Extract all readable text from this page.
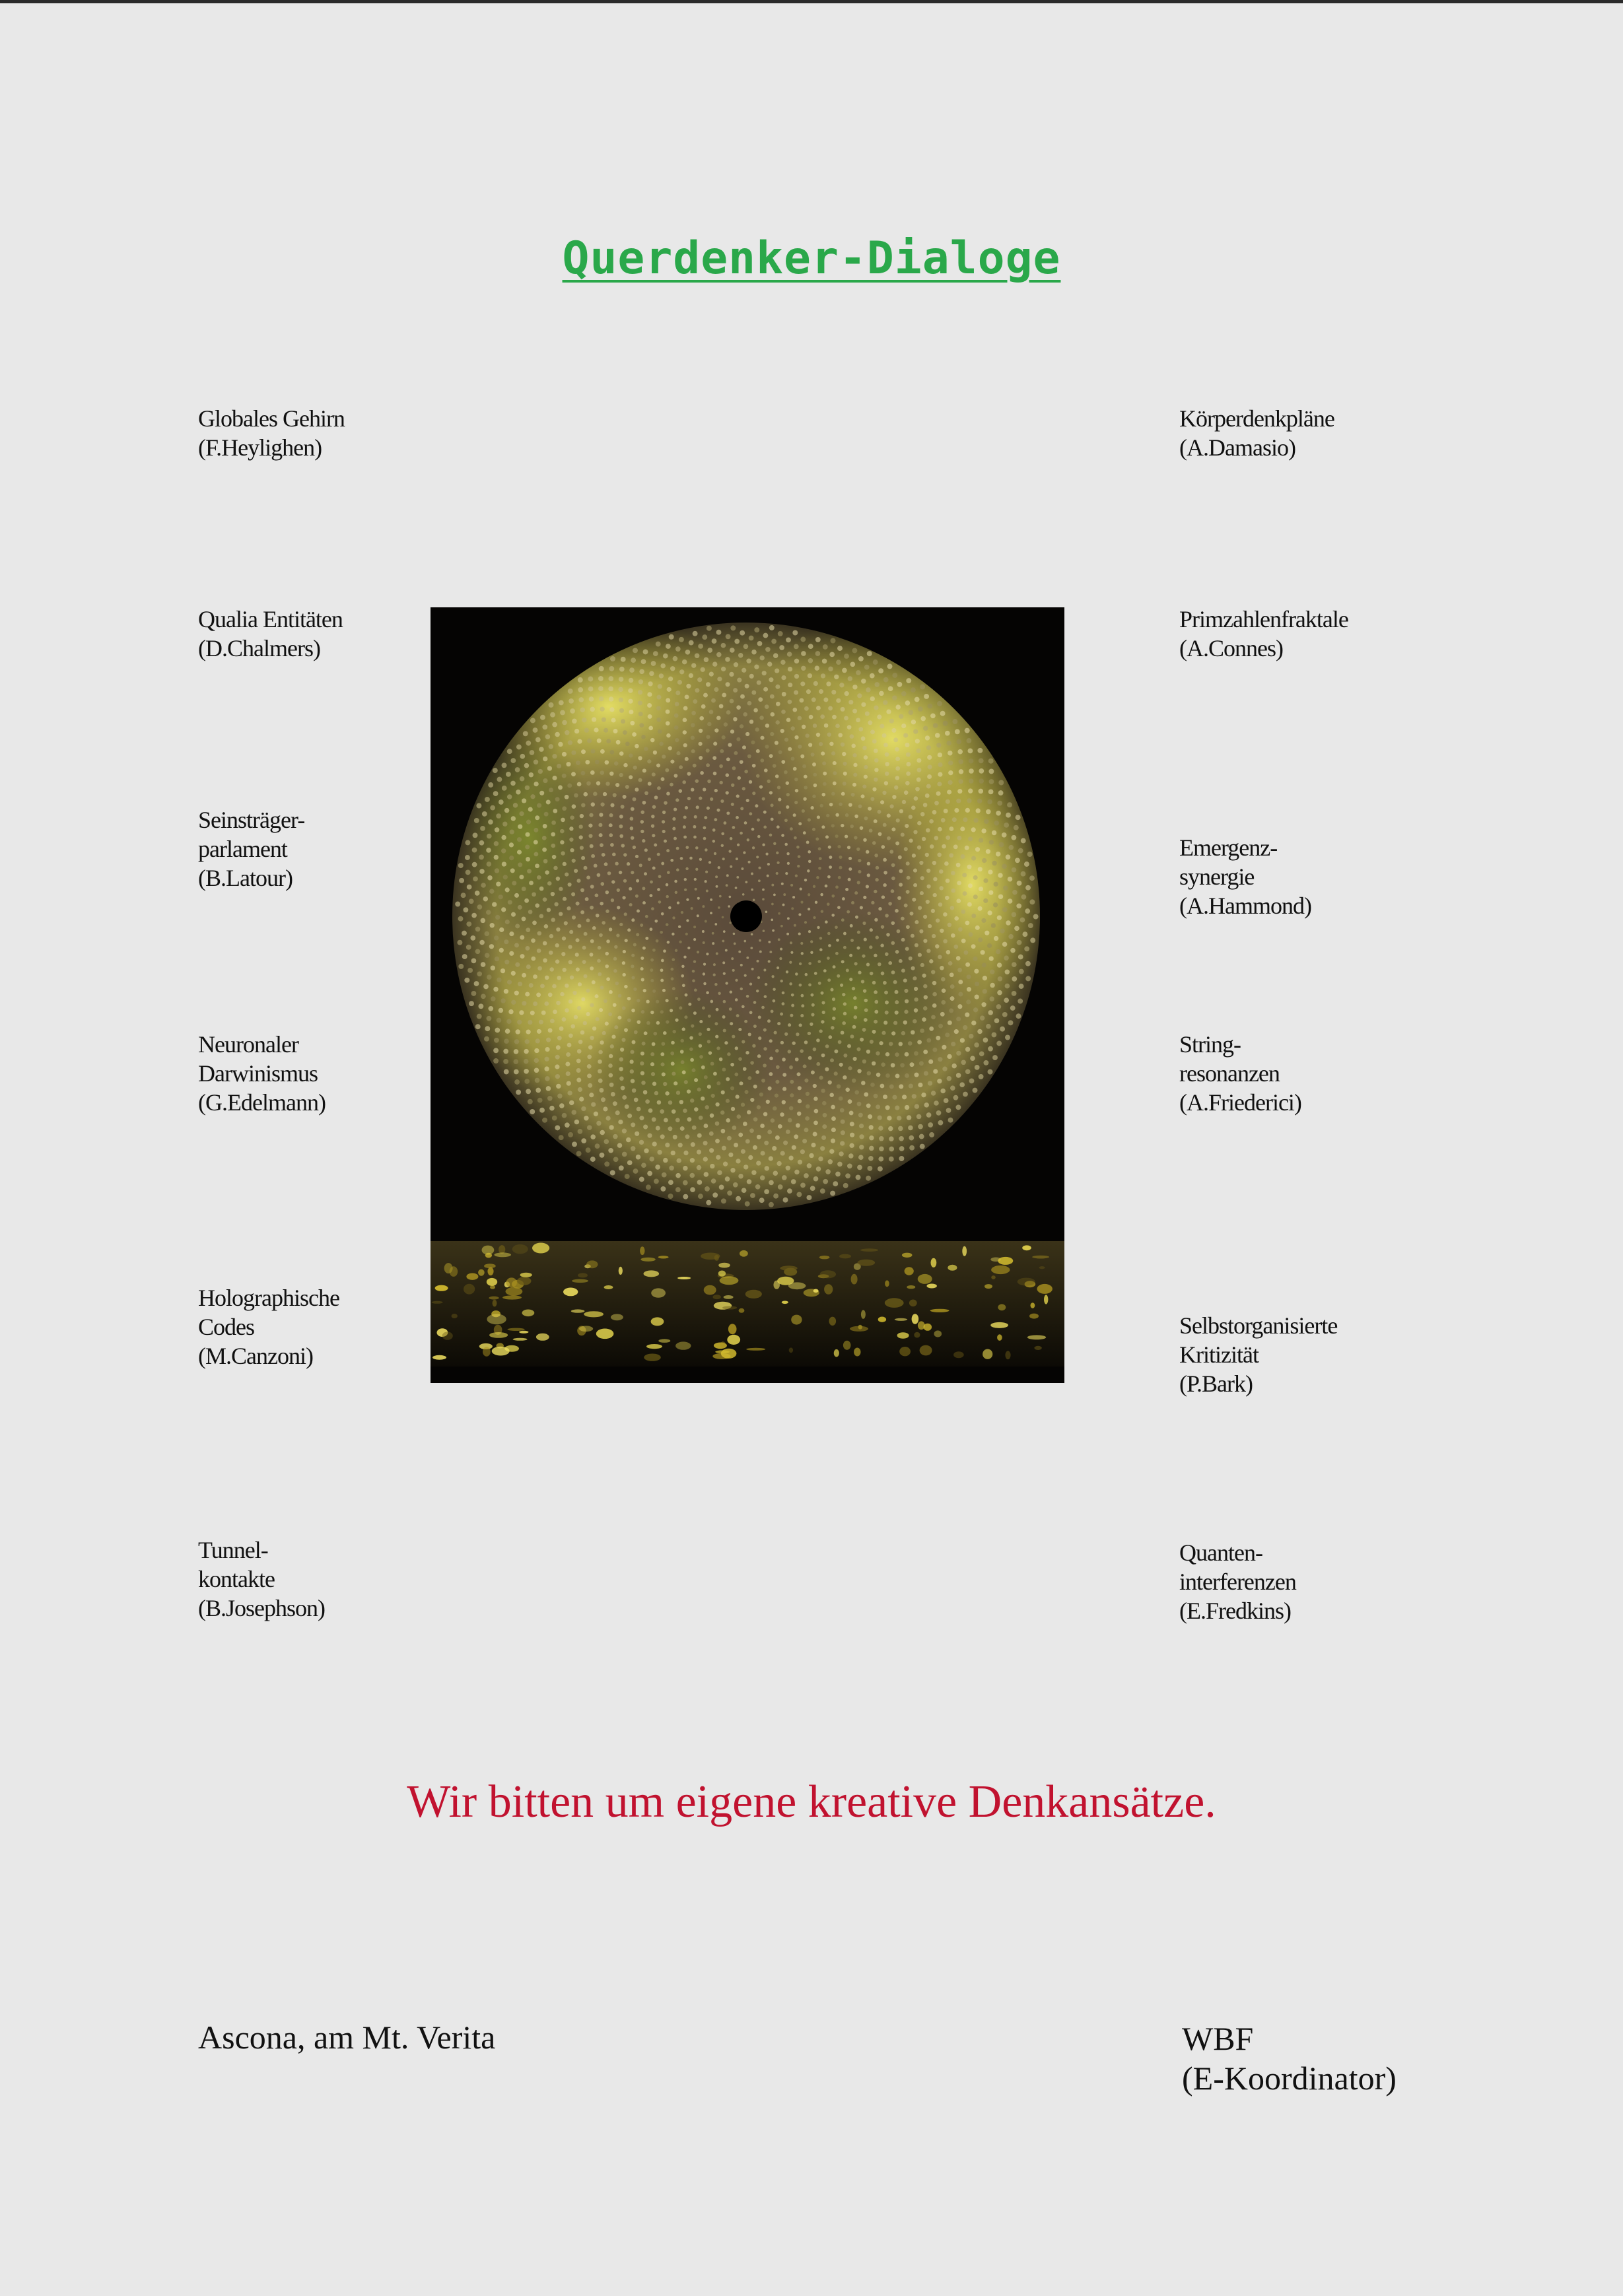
Querdenker-Dialoge
Globales Gehirn
(F.Heylighen)
Qualia Entitäten
(D.Chalmers)
Seinsträger-
parlament
(B.Latour)
Neuronaler
Darwinismus
(G.Edelmann)
Holographische
Codes
(M.Canzoni)
Tunnel-
kontakte
(B.Josephson)
Körperdenkpläne
(A.Damasio)
Primzahlenfraktale
(A.Connes)
Emergenz-
synergie
(A.Hammond)
String-
resonanzen
(A.Friederici)
Selbstorganisierte
Kritizität
(P.Bark)
Quanten-
interferenzen
(E.Fredkins)
Wir bitten um eigene kreative Denkansätze.
Ascona, am Mt. Verita	WBF
(E-Koordinator)
